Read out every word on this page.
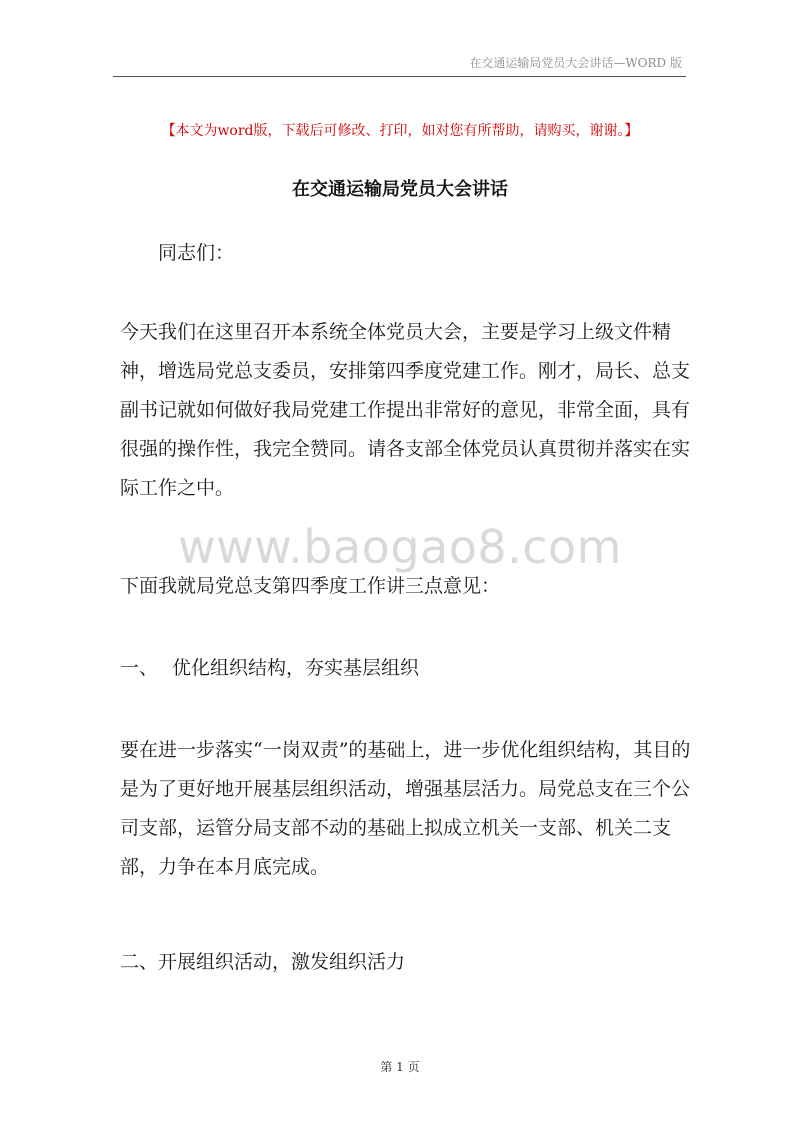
在交通运输局党员大会讲话—WORD 版
【本文为word版，下载后可修改、打印，如对您有所帮助，请购买，谢谢。】
在交通运输局党员大会讲话
同志们：
今天我们在这里召开本系统全体党员大会，主要是学习上级文件精神，增选局党总支委员，安排第四季度党建工作。刚才，局长、总支副书记就如何做好我局党建工作提出非常好的意见，非常全面，具有很强的操作性，我完全赞同。请各支部全体党员认真贯彻并落实在实际工作之中。
www.baogao8.com
下面我就局党总支第四季度工作讲三点意见：
一、 优化组织结构，夯实基层组织
要在进一步落实“一岗双责”的基础上，进一步优化组织结构，其目的是为了更好地开展基层组织活动，增强基层活力。局党总支在三个公司支部，运管分局支部不动的基础上拟成立机关一支部、机关二支部，力争在本月底完成。
二、开展组织活动，激发组织活力
第 1 页
